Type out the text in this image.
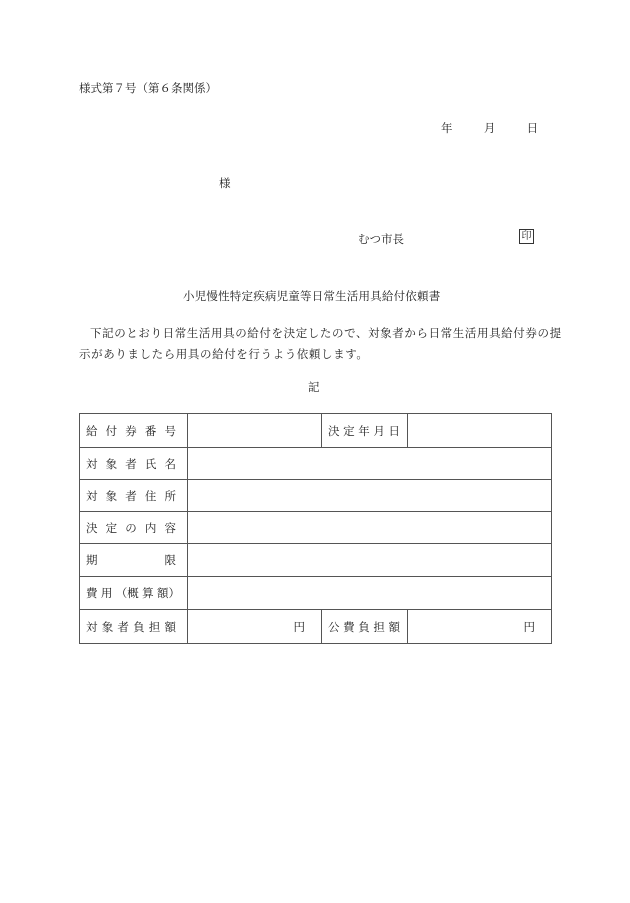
様式第７号（第６条関係）
年	月	日
様
むつ市長	印
小児慢性特定疾病児童等日常生活用具給付依頼書
下記のとおり日常生活用具の給付を決定したので、対象者から日常生活用具給付券の提
示がありましたら用具の給付を行うよう依頼します。
記
給 付 券 番 号		決 定 年 月 日	

対 象 者 氏 名			

対 象 者 住 所			

決 定 の 内 容			

期 限			

費 用 （概 算 額）			

対 象 者 負 担 額	円	公 費 負 担 額	円
